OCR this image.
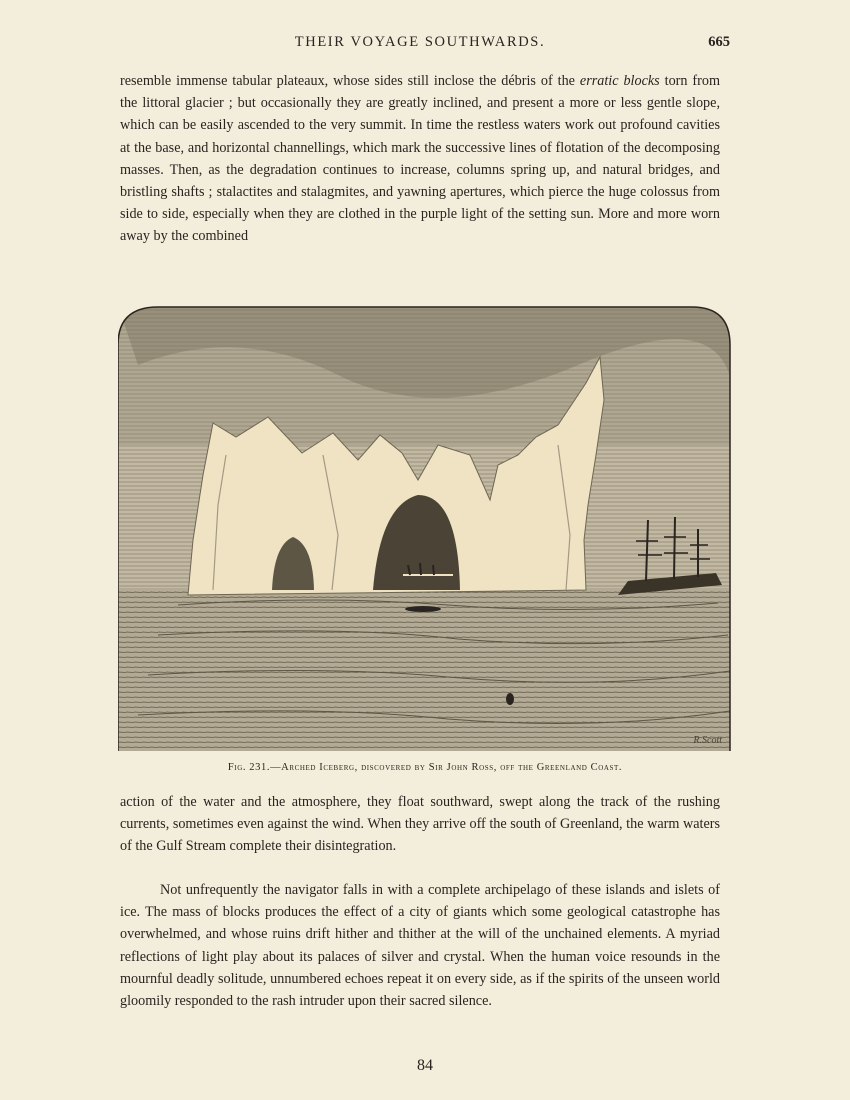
THEIR VOYAGE SOUTHWARDS.	665

resemble immense tabular plateaux, whose sides still inclose the débris of the erratic blocks torn from the littoral glacier ; but occasionally they are greatly inclined, and present a more or less gentle slope, which can be easily ascended to the very summit. In time the restless waters work out profound cavities at the base, and horizontal channellings, which mark the successive lines of flotation of the decomposing masses. Then, as the degradation continues to increase, columns spring up, and natural bridges, and bristling shafts ; stalactites and stalagmites, and yawning apertures, which pierce the huge colossus from side to side, especially when they are clothed in the purple light of the setting sun. More and more worn away by the combined

R.Scott
Fig. 231.—Arched Iceberg, discovered by Sir John Ross, off the Greenland Coast.

action of the water and the atmosphere, they float southward, swept along the track of the rushing currents, sometimes even against the wind. When they arrive off the south of Greenland, the warm waters of the Gulf Stream complete their disintegration.

Not unfrequently the navigator falls in with a complete archipelago of these islands and islets of ice. The mass of blocks produces the effect of a city of giants which some geological catastrophe has overwhelmed, and whose ruins drift hither and thither at the will of the unchained elements. A myriad reflections of light play about its palaces of silver and crystal. When the human voice resounds in the mournful deadly solitude, unnumbered echoes repeat it on every side, as if the spirits of the unseen world gloomily responded to the rash intruder upon their sacred silence.

84
